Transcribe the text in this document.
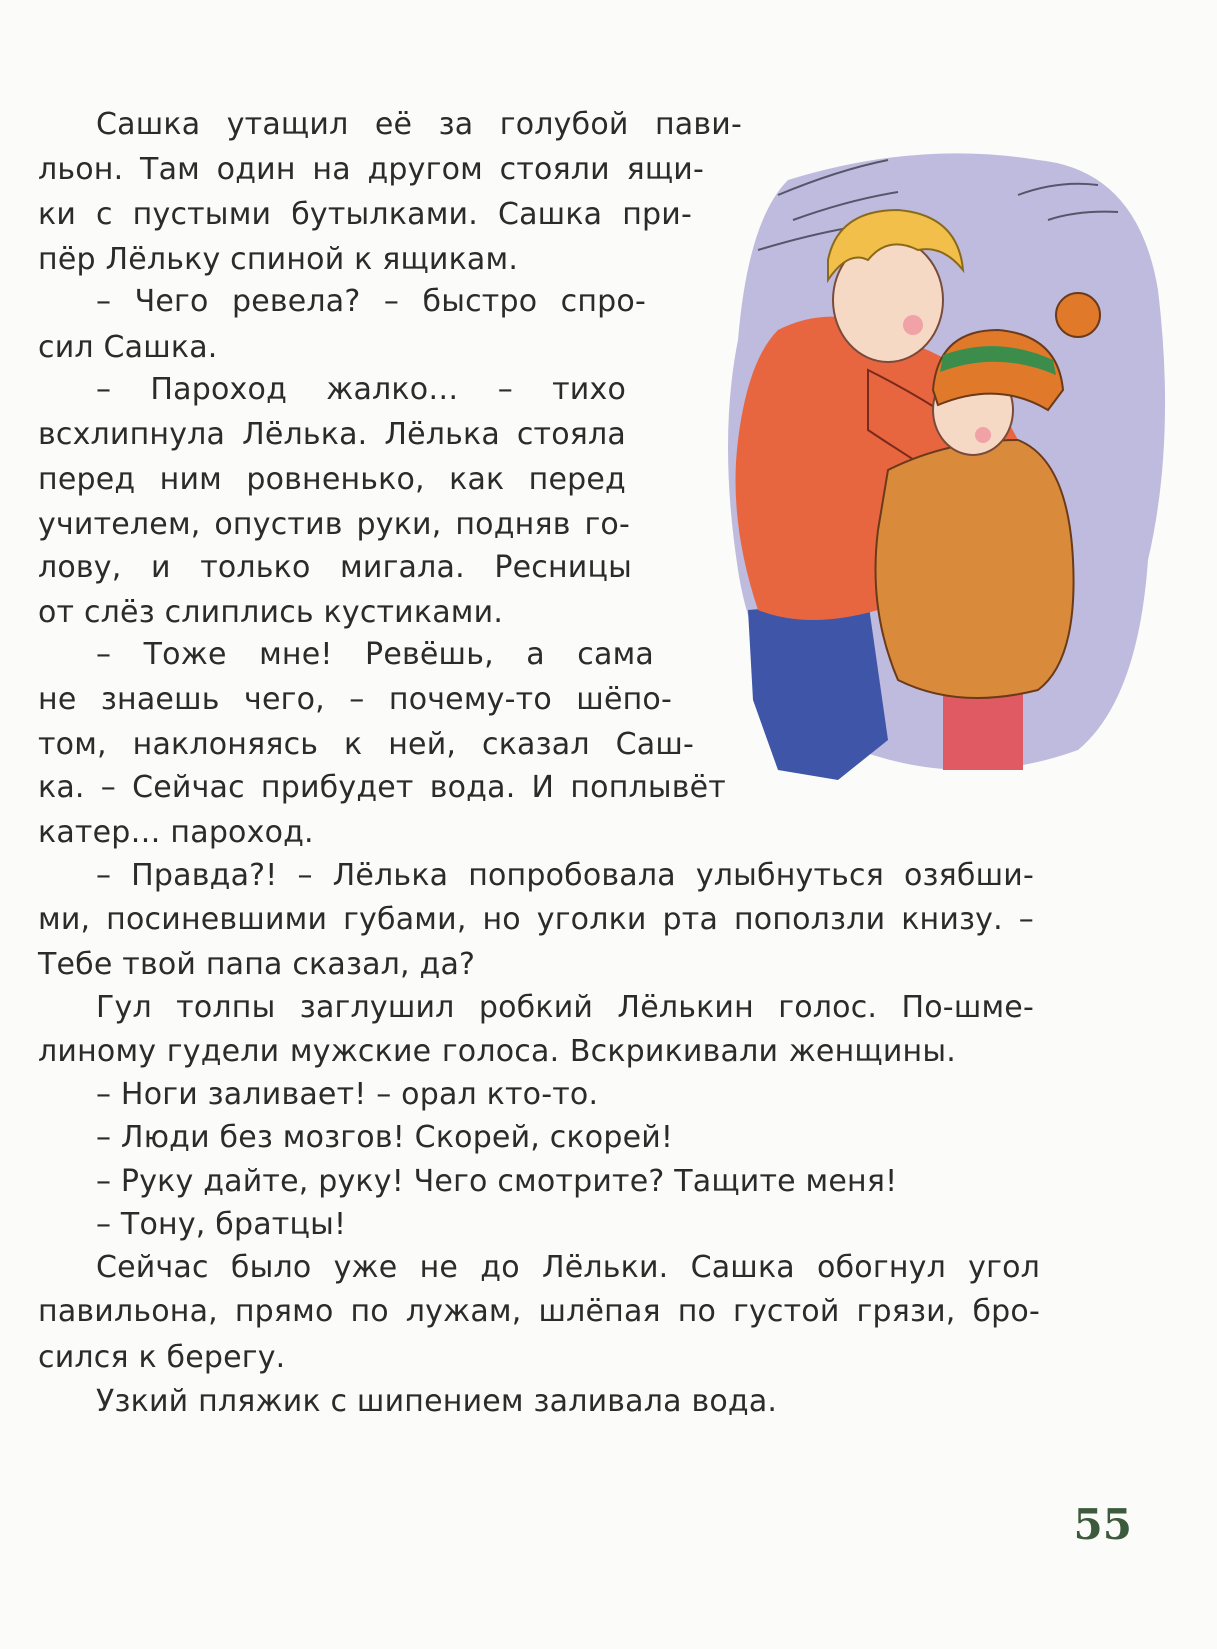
Сашка утащил её за голубой пави-
льон. Там один на другом стояли ящи-
ки с пустыми бутылками. Сашка при-
пёр Лёльку спиной к ящикам.
– Чего ревела? – быстро спро-
сил Сашка.
– Пароход жалко… – тихо
всхлипнула Лёлька. Лёлька стояла
перед ним ровненько, как перед
учителем, опустив руки, подняв го-
лову, и только мигала. Ресницы
от слёз слиплись кустиками.
– Тоже мне! Ревёшь, а сама
не знаешь чего, – почему-то шёпо-
том, наклоняясь к ней, сказал Саш-
ка. – Сейчас прибудет вода. И поплывёт
катер… пароход.
– Правда?! – Лёлька попробовала улыбнуться озябши-
ми, посиневшими губами, но уголки рта поползли книзу. –
Тебе твой папа сказал, да?
Гул толпы заглушил робкий Лёлькин голос. По-шме-
линому гудели мужские голоса. Вскрикивали женщины.
– Ноги заливает! – орал кто-то.
– Люди без мозгов! Скорей, скорей!
– Руку дайте, руку! Чего смотрите? Тащите меня!
– Тону, братцы!
Сейчас было уже не до Лёльки. Сашка обогнул угол
павильона, прямо по лужам, шлёпая по густой грязи, бро-
сился к берегу.
Узкий пляжик с шипением заливала вода.
55
